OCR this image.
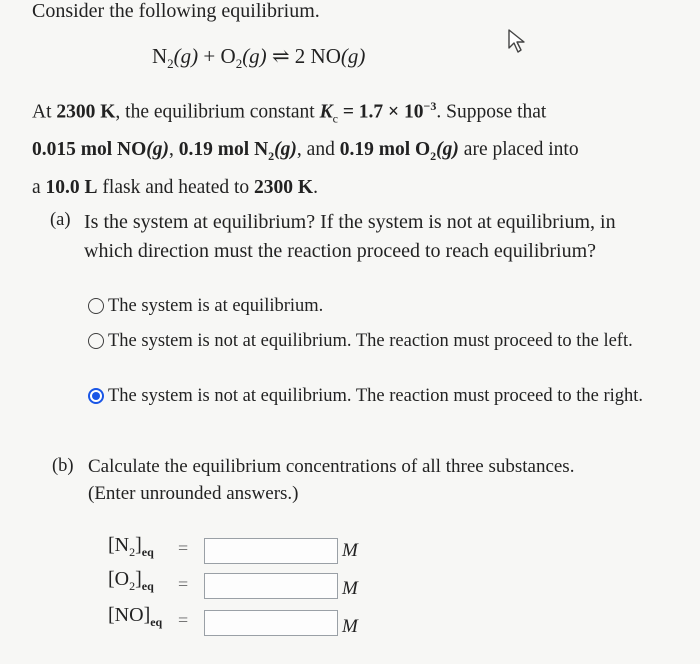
Consider the following equilibrium.
$N_2(g) + O_2(g)$ ⇌ 2 NO(g)
At 2300 K, the equilibrium constant $K_c = 1.7 \times 10^{-3}$. Suppose that
0.015 mol NO(g), 0.19 mol $N_2(g)$, and 0.19 mol $O_2(g)$ are placed into
a 10.0 L flask and heated to 2300 K.
(a) Is the system at equilibrium? If the system is not at equilibrium, in which direction must the reaction proceed to reach equilibrium?
The system is at equilibrium.
The system is not at equilibrium. The reaction must proceed to the left.
The system is not at equilibrium. The reaction must proceed to the right.
(b) Calculate the equilibrium concentrations of all three substances.
(Enter unrounded answers.)
$[N_2]_{eq}$ =	M
$[O_2]_{eq}$ =	M
$[NO]_{eq}$ =	M
